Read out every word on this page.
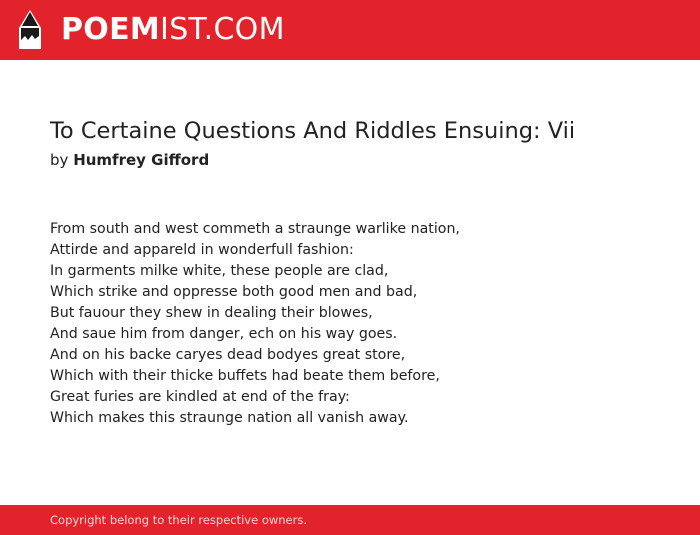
POEMIST.COM
To Certaine Questions And Riddles Ensuing: Vii
by Humfrey Gifford
From south and west commeth a straunge warlike nation,
Attirde and appareld in wonderfull fashion:
In garments milke white, these people are clad,
Which strike and oppresse both good men and bad,
But fauour they shew in dealing their blowes,
And saue him from danger, ech on his way goes.
And on his backe caryes dead bodyes great store,
Which with their thicke buffets had beate them before,
Great furies are kindled at end of the fray:
Which makes this straunge nation all vanish away.
Copyright belong to their respective owners.
